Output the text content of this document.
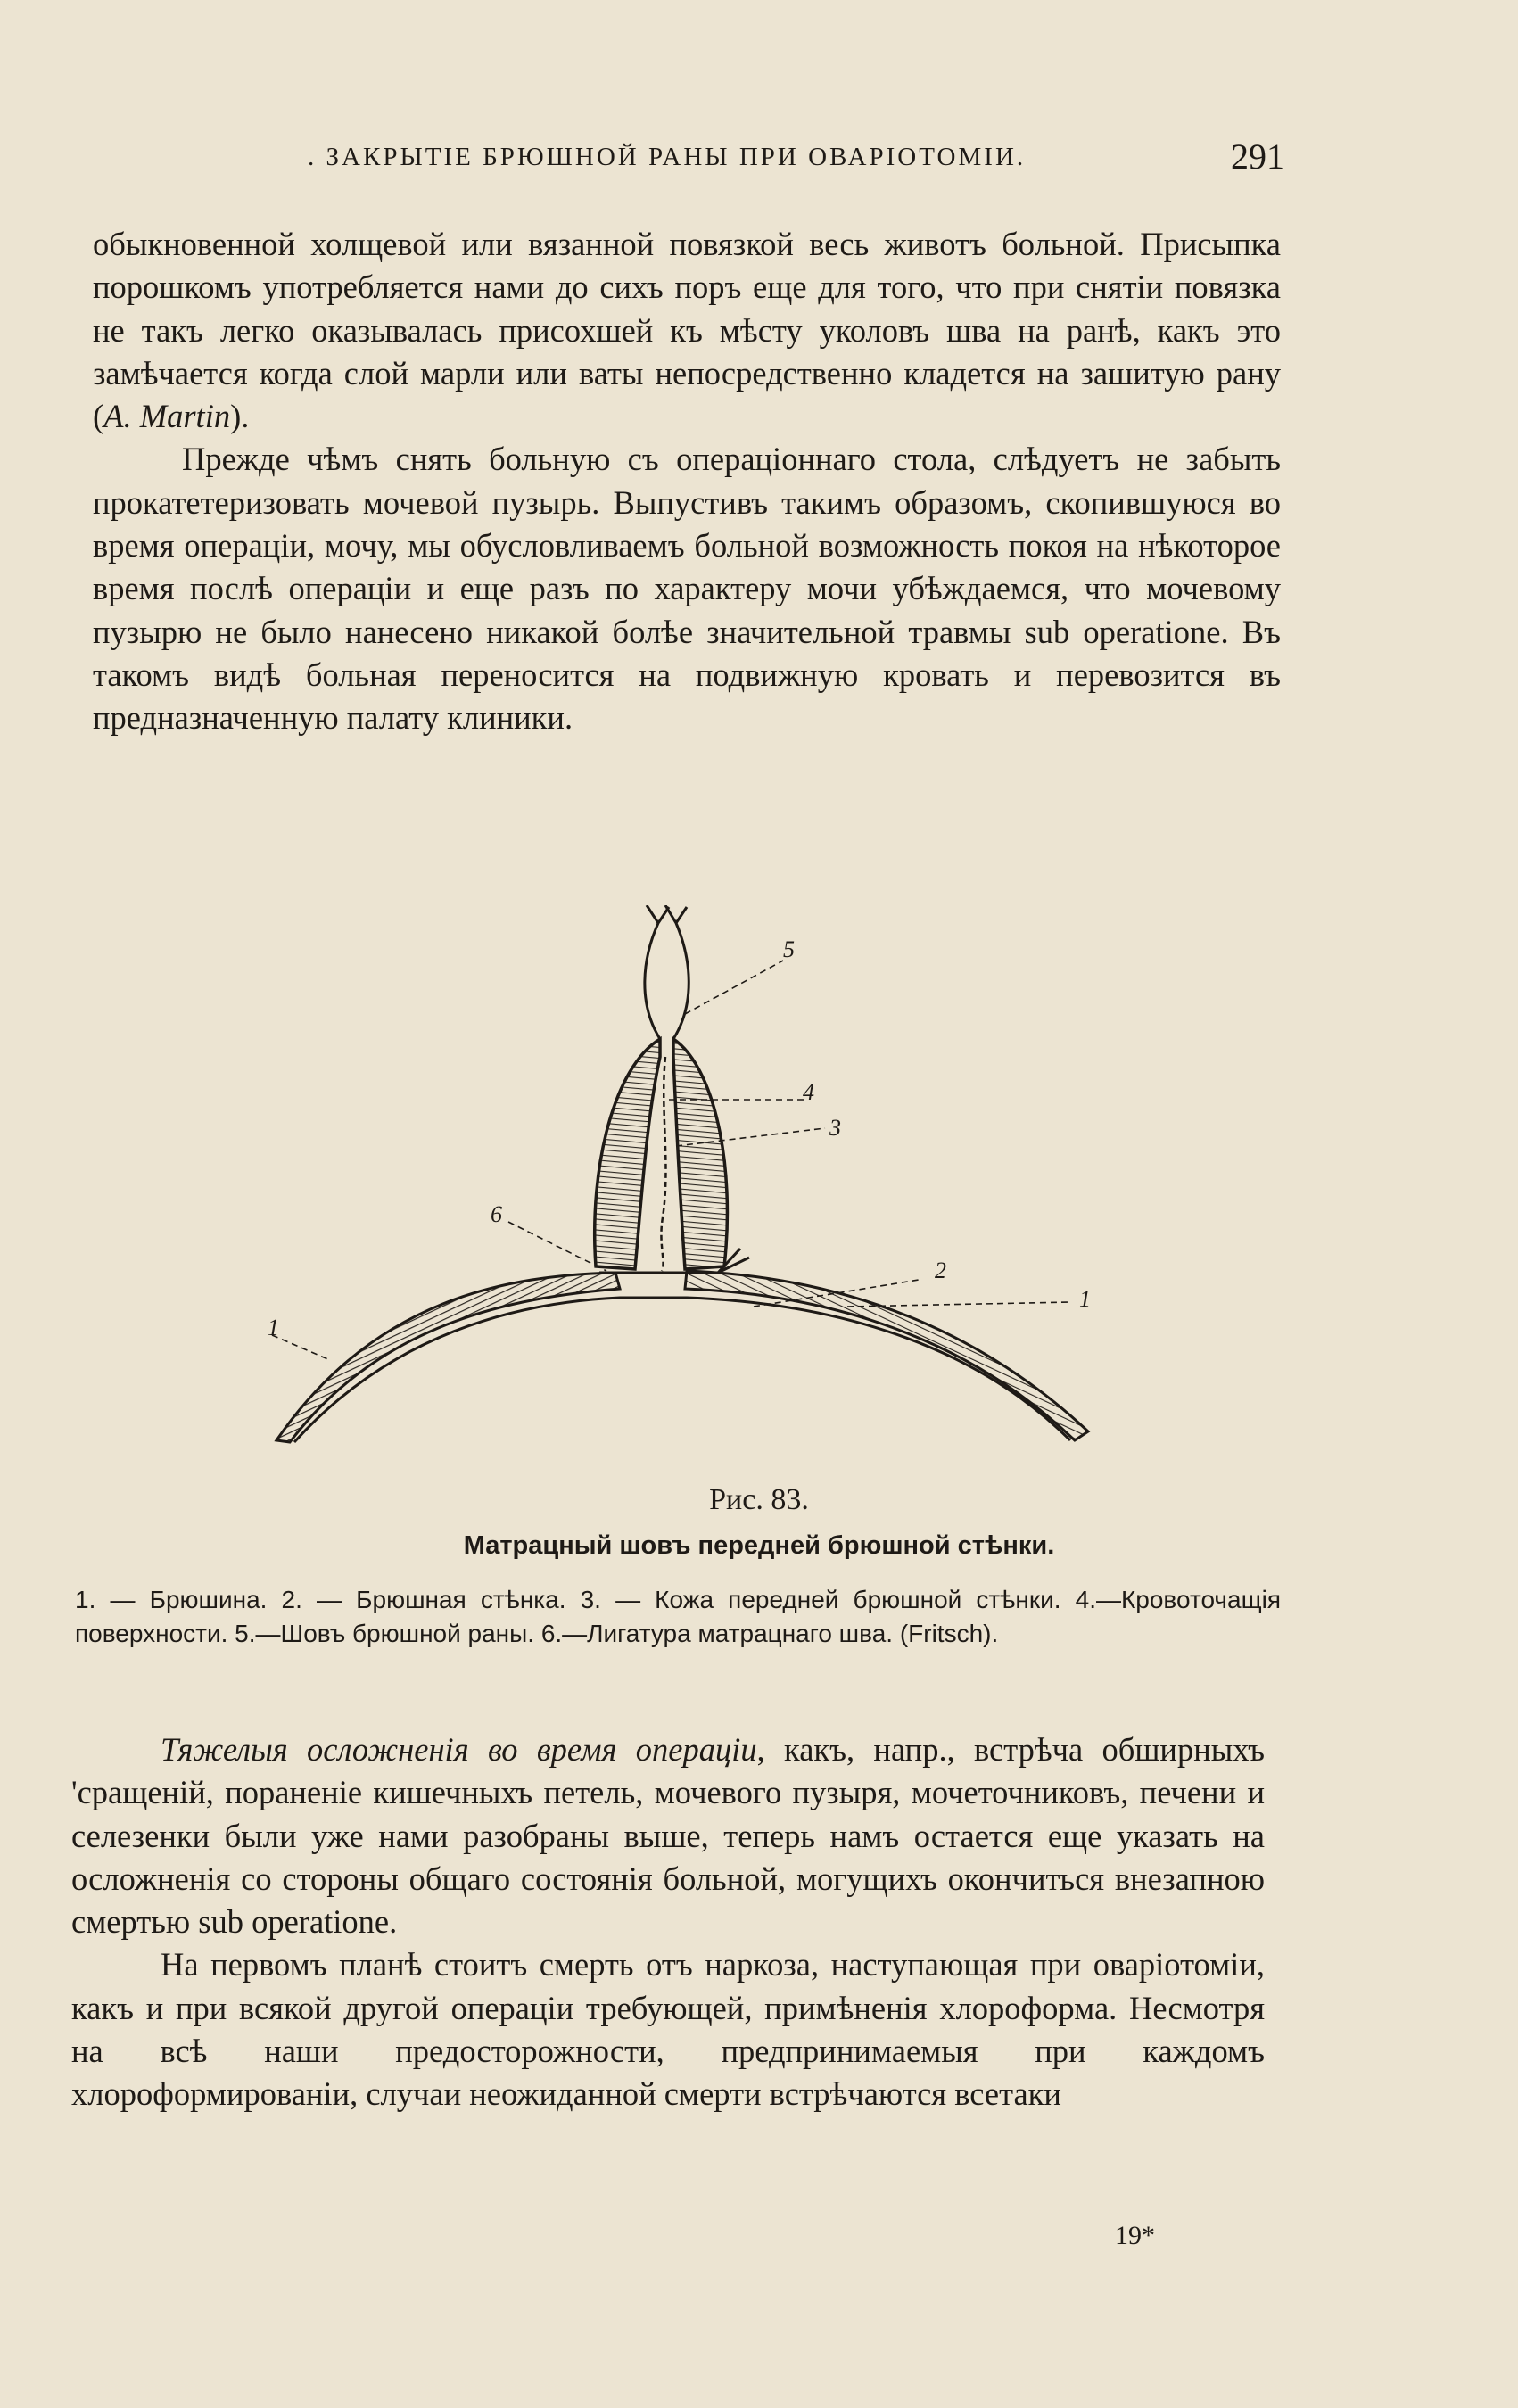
. ЗАКРЫТІЕ БРЮШНОЙ РАНЫ ПРИ ОВАРІОТОМІИ.	291

обыкновенной холщевой или вязанной повязкой весь животъ больной. Присыпка порошкомъ употребляется нами до сихъ поръ еще для того, что при снятіи повязка не такъ легко оказывалась присохшей къ мѣсту уколовъ шва на ранѣ, какъ это замѣчается когда слой марли или ваты непосредственно кладется на зашитую рану (A. Martin).

Прежде чѣмъ снять больную съ операціоннаго стола, слѣдуетъ не забыть прокатетеризовать мочевой пузырь. Выпустивъ такимъ образомъ, скопившуюся во время операціи, мочу, мы обусловливаемъ больной возможность покоя на нѣкоторое время послѣ операціи и еще разъ по характеру мочи убѣждаемся, что мочевому пузырю не было нанесено никакой болѣе значительной травмы sub operatione. Въ такомъ видѣ больная переносится на подвижную кровать и перевозится въ предназначенную палату клиники.

5
4
3
6
2
1
1
Рис. 83.
Матрацный шовъ передней брюшной стѣнки.

1. — Брюшина. 2. — Брюшная стѣнка. 3. — Кожа передней брюшной стѣнки. 4.—Кровоточащія поверхности. 5.—Шовъ брюшной раны. 6.—Лигатура матрацнаго шва. (Fritsch).

Тяжелыя осложненія во время операціи, какъ, напр., встрѣча обширныхъ 'сращеній, пораненіе кишечныхъ петель, мочевого пузыря, мочеточниковъ, печени и селезенки были уже нами разобраны выше, теперь намъ остается еще указать на осложненія со стороны общаго состоянія больной, могущихъ окончиться внезапною смертью sub operatione.

На первомъ планѣ стоитъ смерть отъ наркоза, наступающая при оваріотоміи, какъ и при всякой другой операціи требующей, примѣненія хлороформа. Несмотря на всѣ наши предосторожности, предпринимаемыя при каждомъ хлороформированіи, случаи неожиданной смерти встрѣчаются всетаки

19*
